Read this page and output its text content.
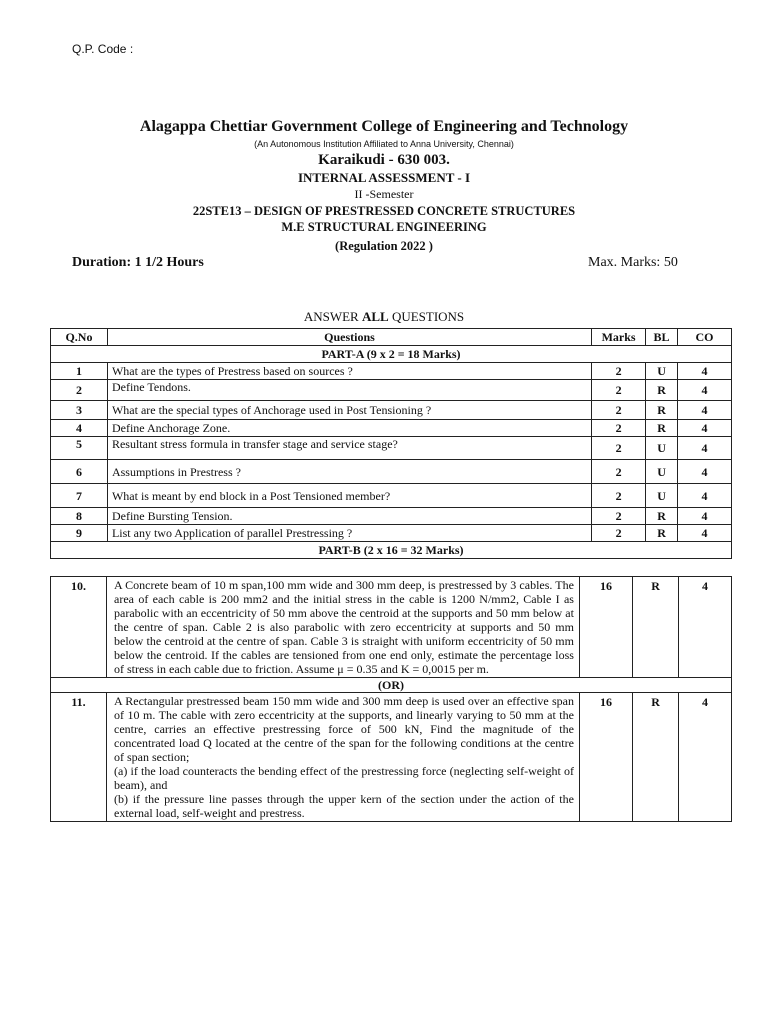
Q.P. Code :
Alagappa Chettiar Government College of Engineering and Technology
(An Autonomous Institution Affiliated to Anna University, Chennai)
Karaikudi - 630 003.
INTERNAL ASSESSMENT - I
II -Semester
22STE13 – DESIGN OF PRESTRESSED CONCRETE STRUCTURES
M.E STRUCTURAL ENGINEERING
(Regulation 2022 )
Duration: 1 1/2 Hours	Max. Marks: 50
ANSWER ALL QUESTIONS
Q.No	Questions	Marks	BL	CO
PART-A (9 x 2 = 18 Marks)				
1	What are the types of Prestress based on sources ?	2	U	4
2	Define Tendons.	2	R	4
3	What are the special types of Anchorage used in Post Tensioning ?	2	R	4
4	Define Anchorage Zone.	2	R	4
5	Resultant stress formula in transfer stage and service stage?	2	U	4
6	Assumptions in Prestress ?	2	U	4
7	What is meant by end block in a Post Tensioned member?	2	U	4
8	Define Bursting Tension.	2	R	4
9	List any two Application of parallel Prestressing ?	2	R	4
PART-B (2 x 16 = 32 Marks)				
10.	A Concrete beam of 10 m span,100 mm wide and 300 mm deep, is prestressed by 3 cables. The area of each cable is 200 mm2 and the initial stress in the cable is 1200 N/mm2, Cable I as parabolic with an eccentricity of 50 mm above the centroid at the supports and 50 mm below at the centre of span. Cable 2 is also parabolic with zero eccentricity at supports and 50 mm below the centroid at the centre of span. Cable 3 is straight with uniform eccentricity of 50 mm below the centroid. If the cables are tensioned from one end only, estimate the percentage loss of stress in each cable due to friction. Assume μ = 0.35 and K = 0,0015 per m.	16	R	4
(OR)				
11.	A Rectangular prestressed beam 150 mm wide and 300 mm deep is used over an effective span of 10 m. The cable with zero eccentricity at the supports, and linearly varying to 50 mm at the centre, carries an effective prestressing force of 500 kN, Find the magnitude of the concentrated load Q located at the centre of the span for the following conditions at the centre of span section;

(a) if the load counteracts the bending effect of the prestressing force (neglecting self-weight of beam), and

(b) if the pressure line passes through the upper kern of the section under the action of the external load, self-weight and prestress.	16	R	4
